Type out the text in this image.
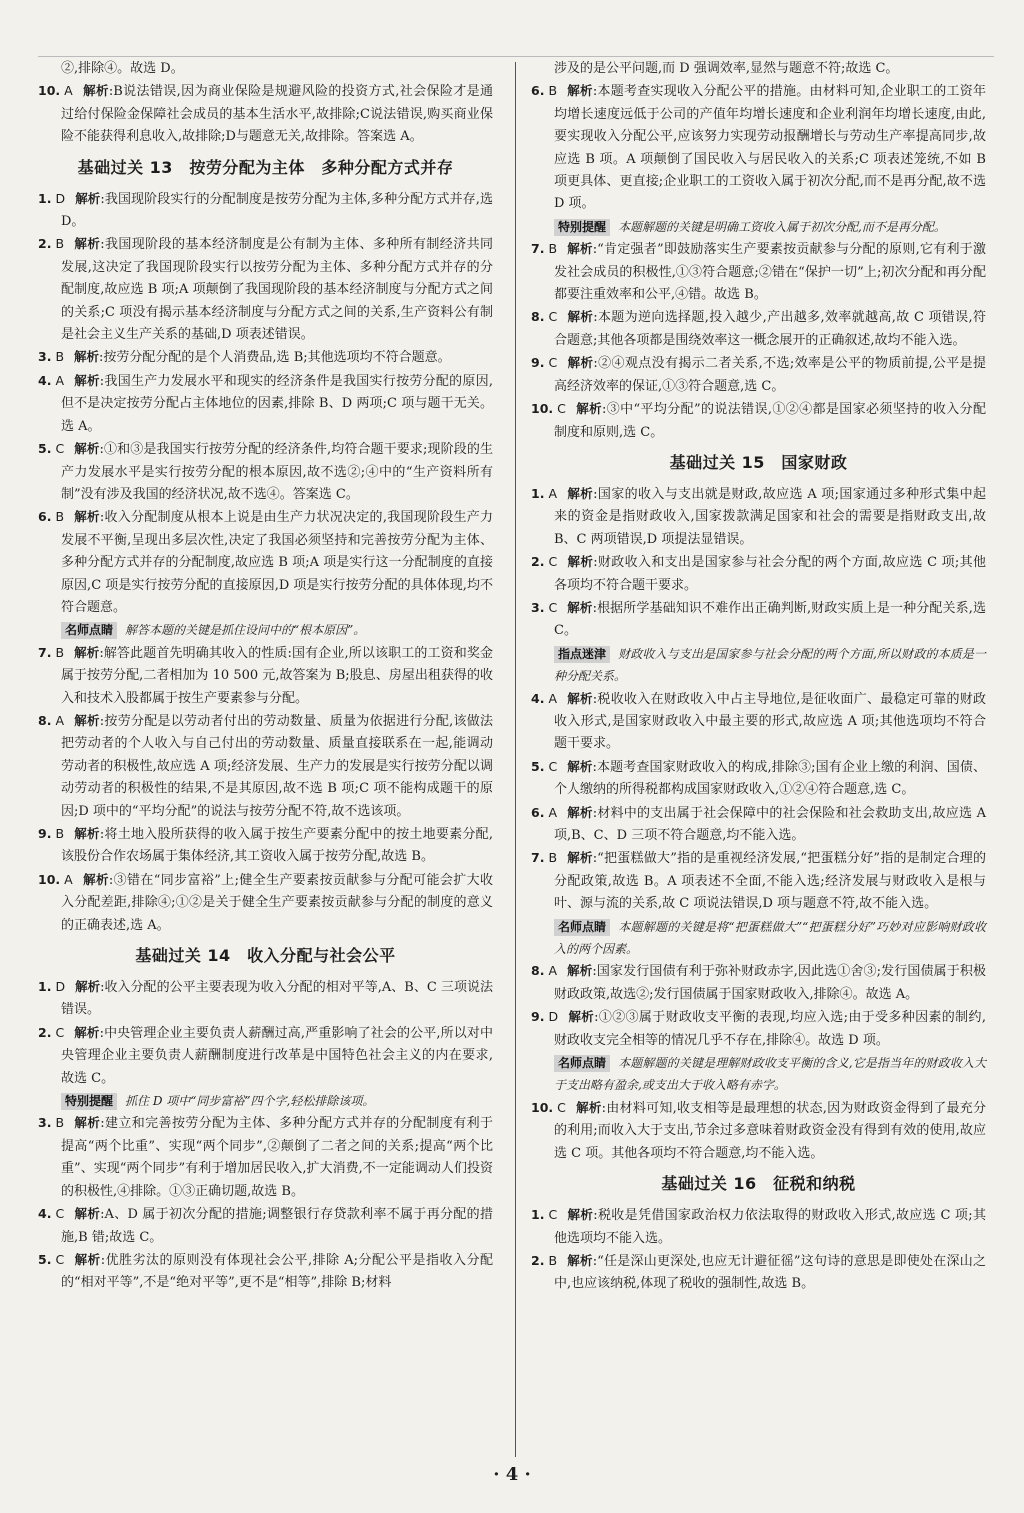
②,排除④。故选 D。

10. A 解析:B说法错误,因为商业保险是规避风险的投资方式,社会保险才是通过给付保险金保障社会成员的基本生活水平,故排除;C说法错误,购买商业保险不能获得利息收入,故排除;D与题意无关,故排除。答案选 A。

基础过关 13　按劳分配为主体　多种分配方式并存

1. D 解析:我国现阶段实行的分配制度是按劳分配为主体,多种分配方式并存,选 D。

2. B 解析:我国现阶段的基本经济制度是公有制为主体、多种所有制经济共同发展,这决定了我国现阶段实行以按劳分配为主体、多种分配方式并存的分配制度,故应选 B 项;A 项颠倒了我国现阶段的基本经济制度与分配方式之间的关系;C 项没有揭示基本经济制度与分配方式之间的关系,生产资料公有制是社会主义生产关系的基础,D 项表述错误。

3. B 解析:按劳分配分配的是个人消费品,选 B;其他选项均不符合题意。

4. A 解析:我国生产力发展水平和现实的经济条件是我国实行按劳分配的原因,但不是决定按劳分配占主体地位的因素,排除 B、D 两项;C 项与题干无关。选 A。

5. C 解析:①和③是我国实行按劳分配的经济条件,均符合题干要求;现阶段的生产力发展水平是实行按劳分配的根本原因,故不选②;④中的“生产资料所有制”没有涉及我国的经济状况,故不选④。答案选 C。

6. B 解析:收入分配制度从根本上说是由生产力状况决定的,我国现阶段生产力发展不平衡,呈现出多层次性,决定了我国必须坚持和完善按劳分配为主体、多种分配方式并存的分配制度,故应选 B 项;A 项是实行这一分配制度的直接原因,C 项是实行按劳分配的直接原因,D 项是实行按劳分配的具体体现,均不符合题意。

名师点睛 解答本题的关键是抓住设问中的“根本原因”。

7. B 解析:解答此题首先明确其收入的性质:国有企业,所以该职工的工资和奖金属于按劳分配,二者相加为 10 500 元,故答案为 B;股息、房屋出租获得的收入和技术入股都属于按生产要素参与分配。

8. A 解析:按劳分配是以劳动者付出的劳动数量、质量为依据进行分配,该做法把劳动者的个人收入与自己付出的劳动数量、质量直接联系在一起,能调动劳动者的积极性,故应选 A 项;经济发展、生产力的发展是实行按劳分配以调动劳动者的积极性的结果,不是其原因,故不选 B 项;C 项不能构成题干的原因;D 项中的“平均分配”的说法与按劳分配不符,故不选该项。

9. B 解析:将土地入股所获得的收入属于按生产要素分配中的按土地要素分配,该股份合作农场属于集体经济,其工资收入属于按劳分配,故选 B。

10. A 解析:③错在“同步富裕”上;健全生产要素按贡献参与分配可能会扩大收入分配差距,排除④;①②是关于健全生产要素按贡献参与分配的制度的意义的正确表述,选 A。

基础过关 14　收入分配与社会公平

1. D 解析:收入分配的公平主要表现为收入分配的相对平等,A、B、C 三项说法错误。

2. C 解析:中央管理企业主要负责人薪酬过高,严重影响了社会的公平,所以对中央管理企业主要负责人薪酬制度进行改革是中国特色社会主义的内在要求,故选 C。

特别提醒 抓住 D 项中“同步富裕”四个字,轻松排除该项。

3. B 解析:建立和完善按劳分配为主体、多种分配方式并存的分配制度有利于提高“两个比重”、实现“两个同步”,②颠倒了二者之间的关系;提高“两个比重”、实现“两个同步”有利于增加居民收入,扩大消费,不一定能调动人们投资的积极性,④排除。①③正确切题,故选 B。

4. C 解析:A、D 属于初次分配的措施;调整银行存贷款利率不属于再分配的措施,B 错;故选 C。

5. C 解析:优胜劣汰的原则没有体现社会公平,排除 A;分配公平是指收入分配的“相对平等”,不是“绝对平等”,更不是“相等”,排除 B;材料

涉及的是公平问题,而 D 强调效率,显然与题意不符;故选 C。

6. B 解析:本题考查实现收入分配公平的措施。由材料可知,企业职工的工资年均增长速度远低于公司的产值年均增长速度和企业利润年均增长速度,由此,要实现收入分配公平,应该努力实现劳动报酬增长与劳动生产率提高同步,故应选 B 项。A 项颠倒了国民收入与居民收入的关系;C 项表述笼统,不如 B 项更具体、更直接;企业职工的工资收入属于初次分配,而不是再分配,故不选 D 项。

特别提醒 本题解题的关键是明确工资收入属于初次分配,而不是再分配。

7. B 解析:“肯定强者”即鼓励落实生产要素按贡献参与分配的原则,它有利于激发社会成员的积极性,①③符合题意;②错在“保护一切”上;初次分配和再分配都要注重效率和公平,④错。故选 B。

8. C 解析:本题为逆向选择题,投入越少,产出越多,效率就越高,故 C 项错误,符合题意;其他各项都是围绕效率这一概念展开的正确叙述,故均不能入选。

9. C 解析:②④观点没有揭示二者关系,不选;效率是公平的物质前提,公平是提高经济效率的保证,①③符合题意,选 C。

10. C 解析:③中“平均分配”的说法错误,①②④都是国家必须坚持的收入分配制度和原则,选 C。

基础过关 15　国家财政

1. A 解析:国家的收入与支出就是财政,故应选 A 项;国家通过多种形式集中起来的资金是指财政收入,国家拨款满足国家和社会的需要是指财政支出,故 B、C 两项错误,D 项提法显错误。

2. C 解析:财政收入和支出是国家参与社会分配的两个方面,故应选 C 项;其他各项均不符合题干要求。

3. C 解析:根据所学基础知识不难作出正确判断,财政实质上是一种分配关系,选 C。

指点迷津 财政收入与支出是国家参与社会分配的两个方面,所以财政的本质是一种分配关系。

4. A 解析:税收收入在财政收入中占主导地位,是征收面广、最稳定可靠的财政收入形式,是国家财政收入中最主要的形式,故应选 A 项;其他选项均不符合题干要求。

5. C 解析:本题考查国家财政收入的构成,排除③;国有企业上缴的利润、国债、个人缴纳的所得税都构成国家财政收入,①②④符合题意,选 C。

6. A 解析:材料中的支出属于社会保障中的社会保险和社会救助支出,故应选 A 项,B、C、D 三项不符合题意,均不能入选。

7. B 解析:“把蛋糕做大”指的是重视经济发展,“把蛋糕分好”指的是制定合理的分配政策,故选 B。A 项表述不全面,不能入选;经济发展与财政收入是根与叶、源与流的关系,故 C 项说法错误,D 项与题意不符,故不能入选。

名师点睛 本题解题的关键是将“把蛋糕做大”“把蛋糕分好”巧妙对应影响财政收入的两个因素。

8. A 解析:国家发行国债有利于弥补财政赤字,因此选①舍③;发行国债属于积极财政政策,故选②;发行国债属于国家财政收入,排除④。故选 A。

9. D 解析:①②③属于财政收支平衡的表现,均应入选;由于受多种因素的制约,财政收支完全相等的情况几乎不存在,排除④。故选 D 项。

名师点睛 本题解题的关键是理解财政收支平衡的含义,它是指当年的财政收入大于支出略有盈余,或支出大于收入略有赤字。

10. C 解析:由材料可知,收支相等是最理想的状态,因为财政资金得到了最充分的利用;而收入大于支出,节余过多意味着财政资金没有得到有效的使用,故应选 C 项。其他各项均不符合题意,均不能入选。

基础过关 16　征税和纳税

1. C 解析:税收是凭借国家政治权力依法取得的财政收入形式,故应选 C 项;其他选项均不能入选。

2. B 解析:“任是深山更深处,也应无计避征徭”这句诗的意思是即使处在深山之中,也应该纳税,体现了税收的强制性,故选 B。

· 4 ·
